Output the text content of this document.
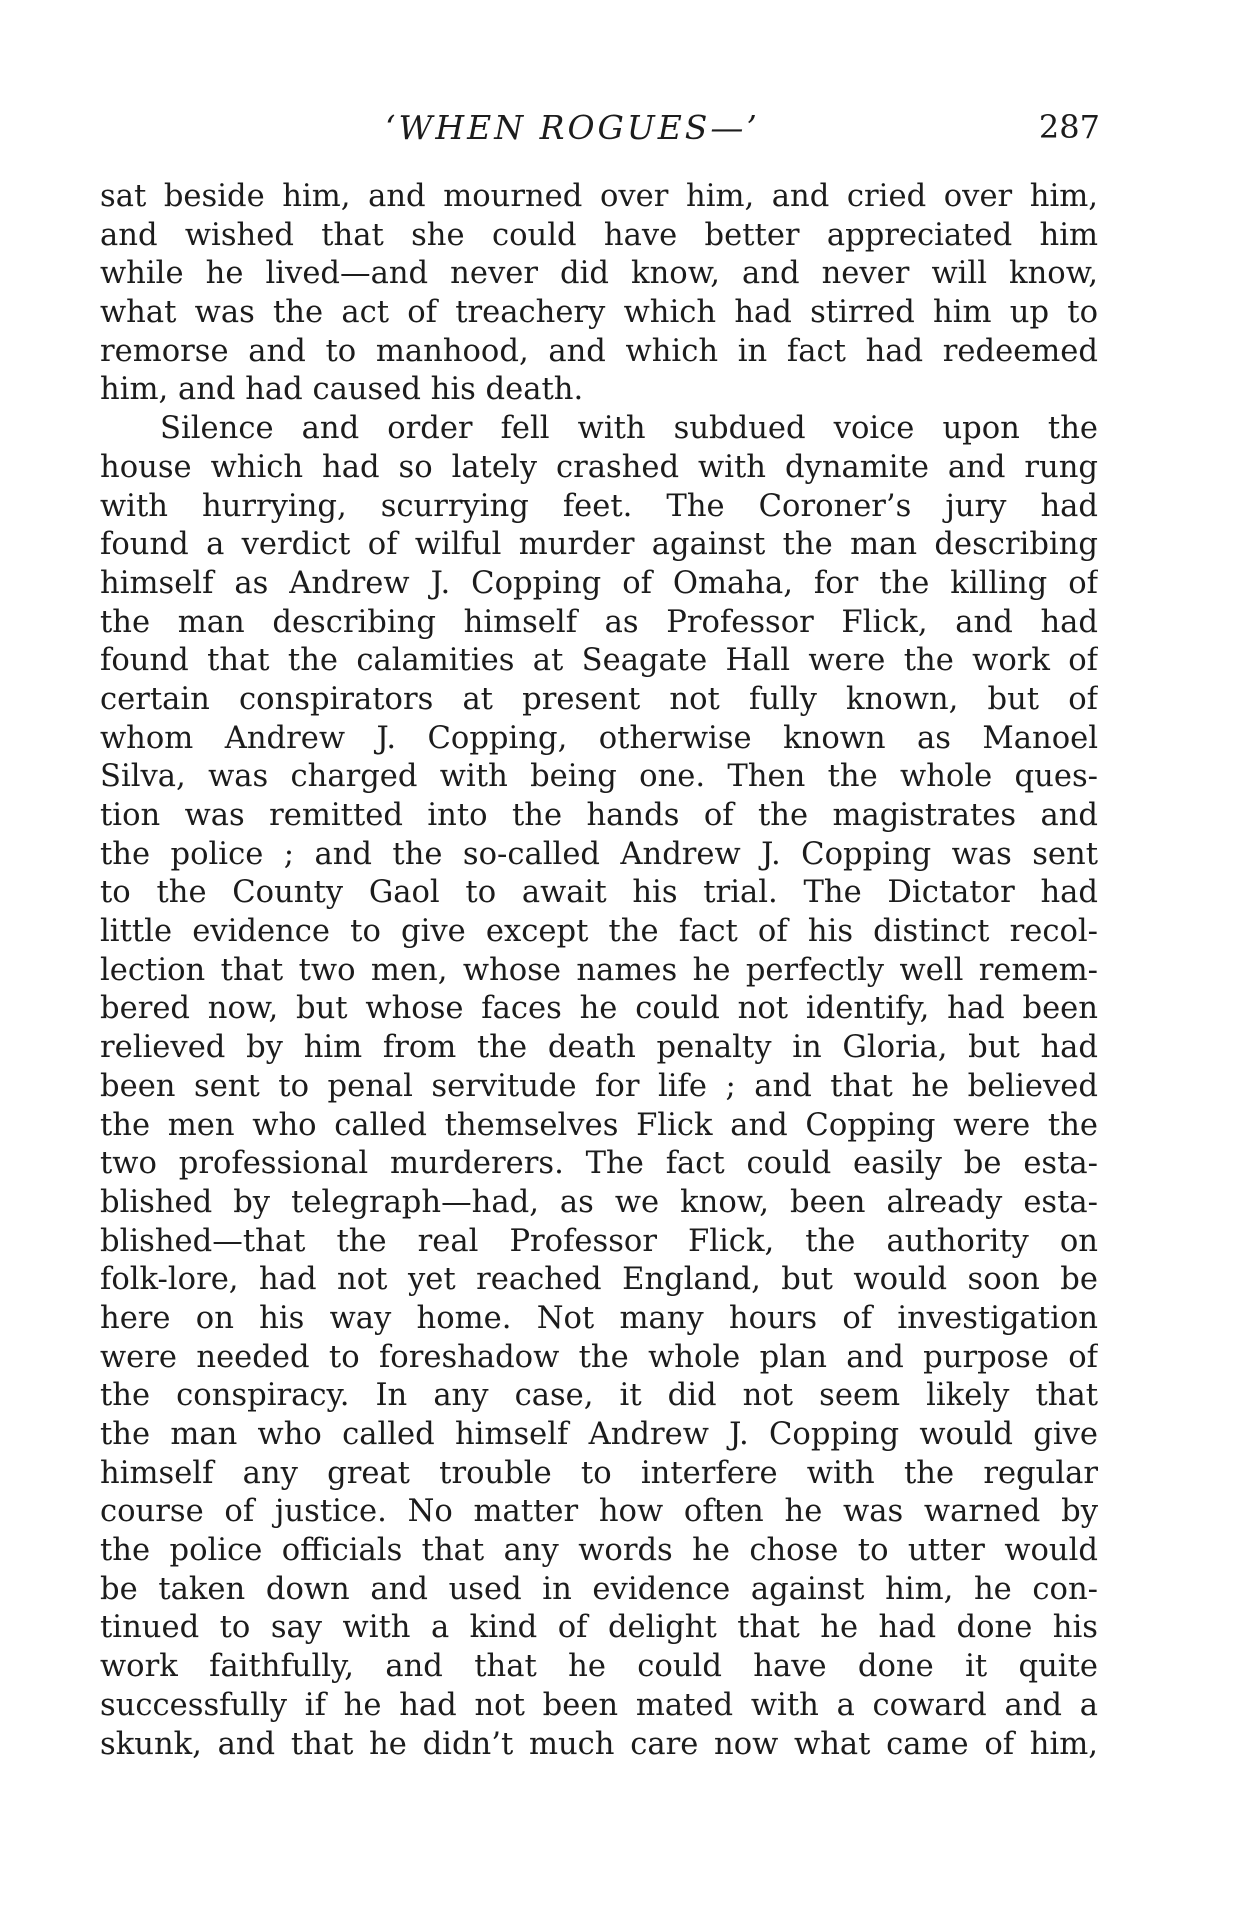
‘WHEN ROGUES—’	287
sat beside him, and mourned over him, and cried over him,
and wished that she could have better appreciated him
while he lived—and never did know, and never will know,
what was the act of treachery which had stirred him up to
remorse and to manhood, and which in fact had redeemed
him, and had caused his death.
Silence and order fell with subdued voice upon the
house which had so lately crashed with dynamite and rung
with hurrying, scurrying feet. The Coroner’s jury had
found a verdict of wilful murder against the man describing
himself as Andrew J. Copping of Omaha, for the killing of
the man describing himself as Professor Flick, and had
found that the calamities at Seagate Hall were the work of
certain conspirators at present not fully known, but of
whom Andrew J. Copping, otherwise known as Manoel
Silva, was charged with being one. Then the whole ques-
tion was remitted into the hands of the magistrates and
the police ; and the so-called Andrew J. Copping was sent
to the County Gaol to await his trial. The Dictator had
little evidence to give except the fact of his distinct recol-
lection that two men, whose names he perfectly well remem-
bered now, but whose faces he could not identify, had been
relieved by him from the death penalty in Gloria, but had
been sent to penal servitude for life ; and that he believed
the men who called themselves Flick and Copping were the
two professional murderers. The fact could easily be esta-
blished by telegraph—had, as we know, been already esta-
blished—that the real Professor Flick, the authority on
folk-lore, had not yet reached England, but would soon be
here on his way home. Not many hours of investigation
were needed to foreshadow the whole plan and purpose of
the conspiracy. In any case, it did not seem likely that
the man who called himself Andrew J. Copping would give
himself any great trouble to interfere with the regular
course of justice. No matter how often he was warned by
the police officials that any words he chose to utter would
be taken down and used in evidence against him, he con-
tinued to say with a kind of delight that he had done his
work faithfully, and that he could have done it quite
successfully if he had not been mated with a coward and a
skunk, and that he didn’t much care now what came of him,
